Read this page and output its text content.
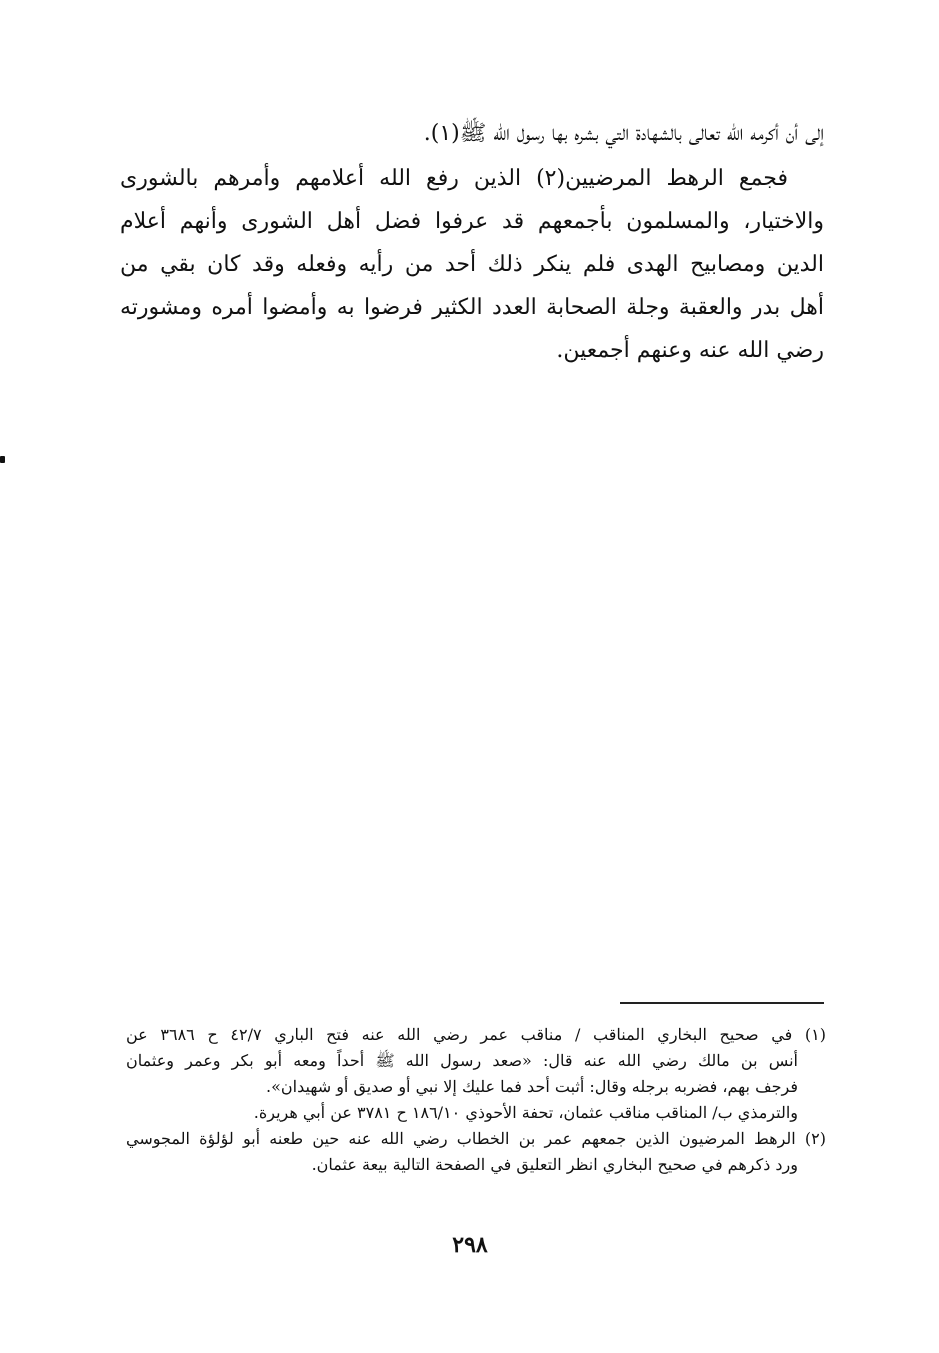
إلى أن أكرمه الله تعالى بالشهادة التي بشره بها رسول الله ﷺ(١).
فجمع الرهط المرضيين(٢) الذين رفع الله أعلامهم وأمرهم بالشورى
والاختيار، والمسلمون بأجمعهم قد عرفوا فضل أهل الشورى وأنهم أعلام
الدين ومصابيح الهدى فلم ينكر ذلك أحد من رأيه وفعله وقد كان بقي من
أهل بدر والعقبة وجلة الصحابة العدد الكثير فرضوا به وأمضوا أمره ومشورته
رضي الله عنه وعنهم أجمعين.
(١) في صحيح البخاري المناقب / مناقب عمر رضي الله عنه فتح الباري ٤٢/٧ ح ٣٦٨٦ عن
أنس بن مالك رضي الله عنه قال: «صعد رسول الله ﷺ أحداً ومعه أبو بكر وعمر وعثمان
فرجف بهم، فضربه برجله وقال: أثبت أحد فما عليك إلا نبي أو صديق أو شهيدان».
والترمذي ب/ المناقب مناقب عثمان، تحفة الأحوذي ١٨٦/١٠ ح ٣٧٨١ عن أبي هريرة.
(٢) الرهط المرضيون الذين جمعهم عمر بن الخطاب رضي الله عنه حين طعنه أبو لؤلؤة المجوسي
ورد ذكرهم في صحيح البخاري انظر التعليق في الصفحة التالية بيعة عثمان.
٢٩٨
